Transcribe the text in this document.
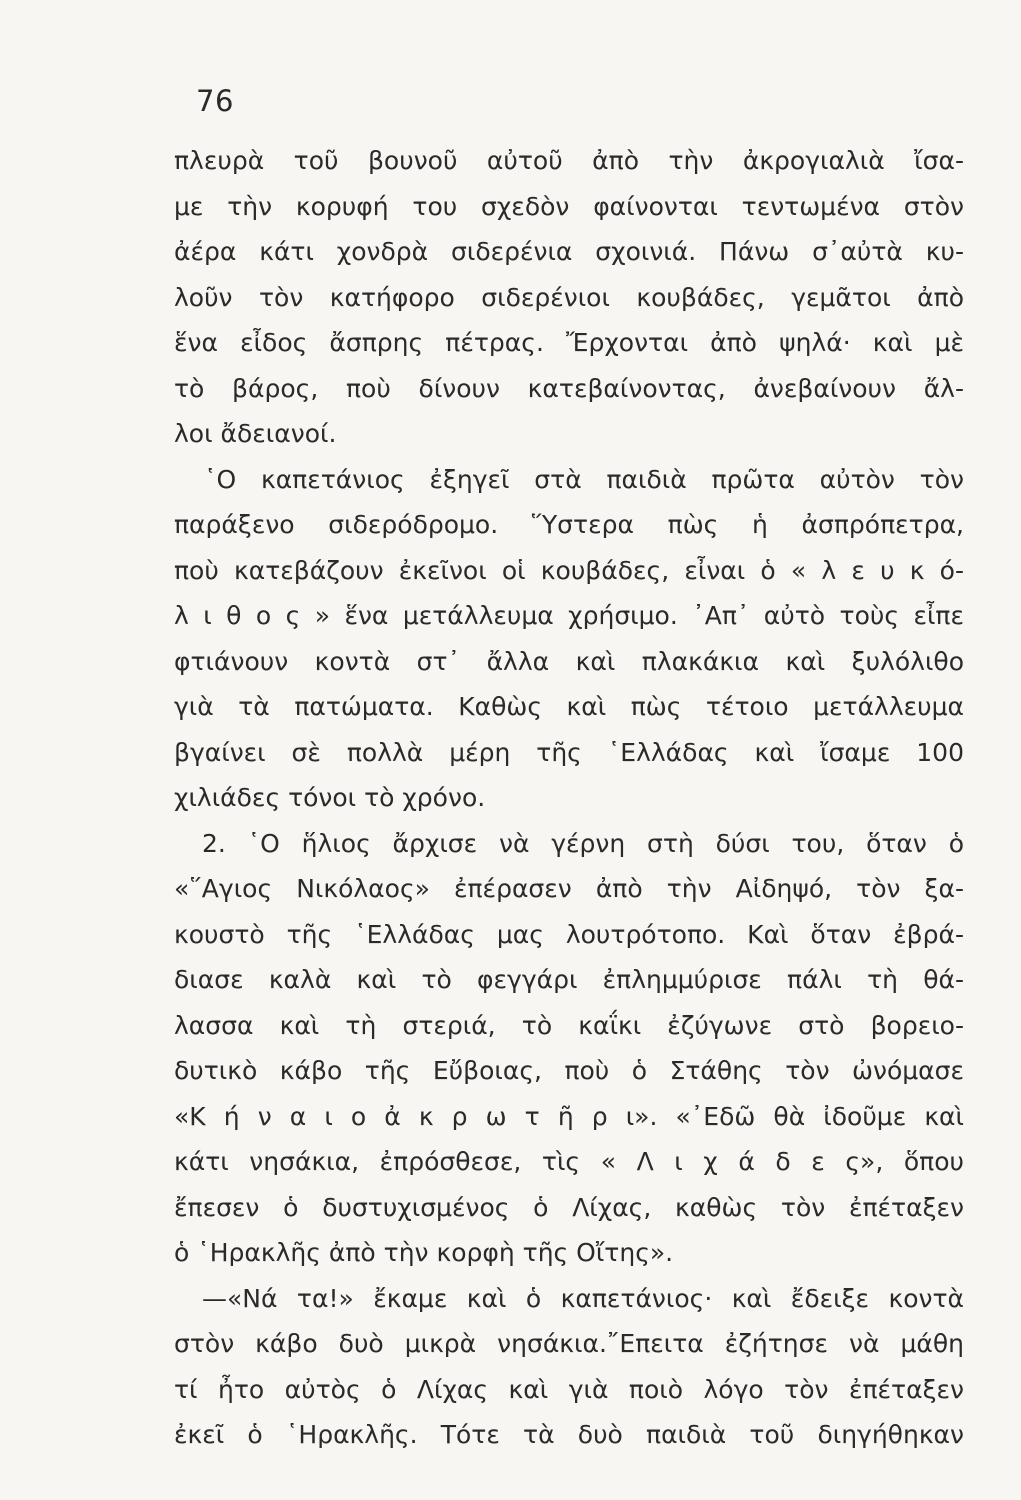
76
πλευρὰ τοῦ βουνοῦ αὐτοῦ ἀπὸ τὴν ἀκρογιαλιὰ ἴσα-
με τὴν κορυφή του σχεδὸν φαίνονται τεντωμένα στὸν
ἀέρα κάτι χονδρὰ σιδερένια σχοινιά. Πάνω σ᾿αὐτὰ κυ-
λοῦν τὸν κατήφορο σιδερένιοι κουβάδες, γεμᾶτοι ἀπὸ
ἕνα εἶδος ἄσπρης πέτρας. Ἔρχονται ἀπὸ ψηλά· καὶ μὲ
τὸ βάρος, ποὺ δίνουν κατεβαίνοντας, ἀνεβαίνουν ἄλ-
λοι ἄδειανοί.
῾Ο καπετάνιος ἐξηγεῖ στὰ παιδιὰ πρῶτα αὐτὸν τὸν
παράξενο σιδερόδρομο. Ὕστερα πὼς ἡ ἀσπρόπετρα,
ποὺ κατεβάζουν ἐκεῖνοι οἱ κουβάδες, εἶναι ὁ « λ ε υ κ ό-
λ ι θ ο ς » ἕνα μετάλλευμα χρήσιμο. ᾿Απ᾿ αὐτὸ τοὺς εἶπε
φτιάνουν κοντὰ στ᾿ ἄλλα καὶ πλακάκια καὶ ξυλόλιθο
γιὰ τὰ πατώματα. Καθὼς καὶ πὼς τέτοιο μετάλλευμα
βγαίνει σὲ πολλὰ μέρη τῆς ῾Ελλάδας καὶ ἴσαμε 100
χιλιάδες τόνοι τὸ χρόνο.
2. ῾Ο ἥλιος ἄρχισε νὰ γέρνη στὴ δύσι του, ὅταν ὁ
«῞Αγιος Νικόλαος» ἐπέρασεν ἀπὸ τὴν Αἰδηψό, τὸν ξα-
κουστὸ τῆς ῾Ελλάδας μας λουτρότοπο. Καὶ ὅταν ἐβρά-
διασε καλὰ καὶ τὸ φεγγάρι ἐπλημμύρισε πάλι τὴ θά-
λασσα καὶ τὴ στεριά, τὸ καΐκι ἐζύγωνε στὸ βορειο-
δυτικὸ κάβο τῆς Εὔβοιας, ποὺ ὁ Στάθης τὸν ὠνόμασε
«Κ ή ν α ι ο ἀ κ ρ ω τ ῆ ρ ι». «᾿Εδῶ θὰ ἰδοῦμε καὶ
κάτι νησάκια, ἐπρόσθεσε, τὶς « Λ ι χ ά δ ε ς», ὅπου
ἔπεσεν ὁ δυστυχισμένος ὁ Λίχας, καθὼς τὸν ἐπέταξεν
ὁ ῾Ηρακλῆς ἀπὸ τὴν κορφὴ τῆς Οἴτης».
—«Νά τα!» ἔκαμε καὶ ὁ καπετάνιος· καὶ ἔδειξε κοντὰ
στὸν κάβο δυὸ μικρὰ νησάκια.῎Επειτα ἐζήτησε νὰ μάθη
τί ἦτο αὐτὸς ὁ Λίχας καὶ γιὰ ποιὸ λόγο τὸν ἐπέταξεν
ἐκεῖ ὁ ῾Ηρακλῆς. Τότε τὰ δυὸ παιδιὰ τοῦ διηγήθηκαν
